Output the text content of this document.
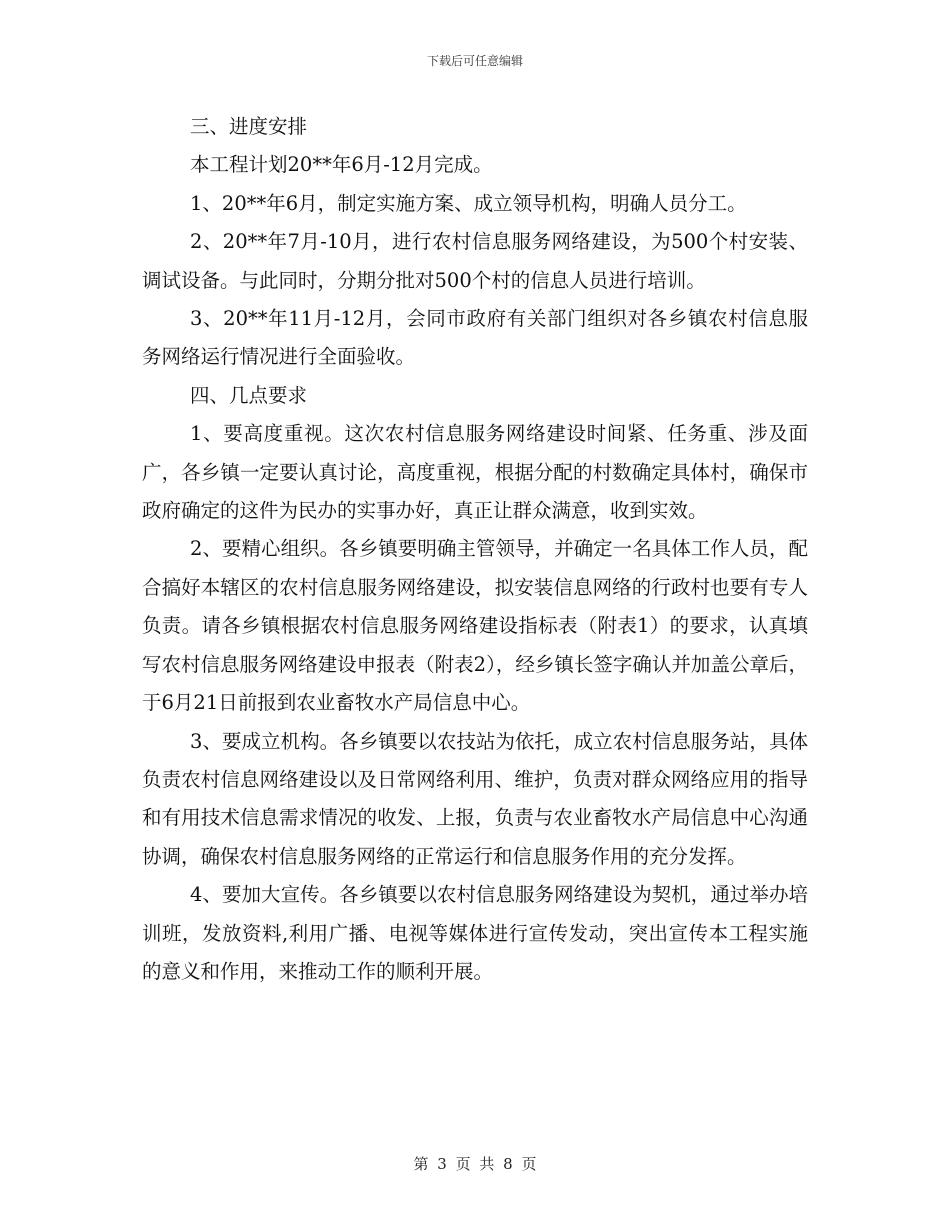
下载后可任意编辑

三、进度安排

本工程计划20**年6月-12月完成。

1、20**年6月，制定实施方案、成立领导机构，明确人员分工。

2、20**年7月-10月，进行农村信息服务网络建设，为500个村安装、调试设备。与此同时，分期分批对500个村的信息人员进行培训。

3、20**年11月-12月，会同市政府有关部门组织对各乡镇农村信息服务网络运行情况进行全面验收。

四、几点要求

1、要高度重视。这次农村信息服务网络建设时间紧、任务重、涉及面广，各乡镇一定要认真讨论，高度重视，根据分配的村数确定具体村，确保市政府确定的这件为民办的实事办好，真正让群众满意，收到实效。

2、要精心组织。各乡镇要明确主管领导，并确定一名具体工作人员，配合搞好本辖区的农村信息服务网络建设，拟安装信息网络的行政村也要有专人负责。请各乡镇根据农村信息服务网络建设指标表（附表1）的要求，认真填写农村信息服务网络建设申报表（附表2），经乡镇长签字确认并加盖公章后，于6月21日前报到农业畜牧水产局信息中心。

3、要成立机构。各乡镇要以农技站为依托，成立农村信息服务站，具体负责农村信息网络建设以及日常网络利用、维护，负责对群众网络应用的指导和有用技术信息需求情况的收发、上报，负责与农业畜牧水产局信息中心沟通协调，确保农村信息服务网络的正常运行和信息服务作用的充分发挥。

4、要加大宣传。各乡镇要以农村信息服务网络建设为契机，通过举办培训班，发放资料,利用广播、电视等媒体进行宣传发动，突出宣传本工程实施的意义和作用，来推动工作的顺利开展。

第 3 页 共 8 页
